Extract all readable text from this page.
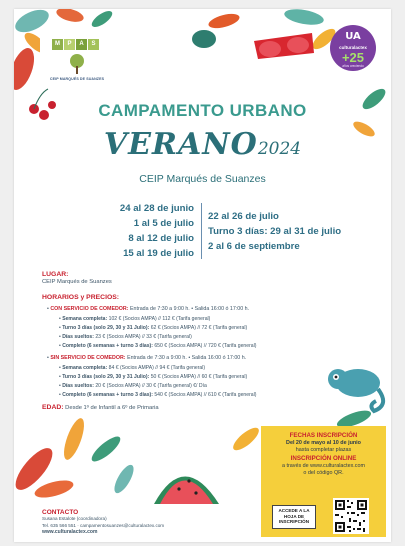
M	P	A	S
CEIP MARQUÉS DE SUANZES
UA
culturalactex
+25
años creciendo
CAMPAMENTO URBANO
VERANO2024
CEIP Marqués de Suanzes
24 al 28 de junio
1 al 5 de julio
8 al 12 de julio
15 al 19 de julio
22 al 26 de julio
Turno 3 días: 29 al 31 de julio
2 al 6 de septiembre
LUGAR:
CEIP Marqués de Suanzes
HORARIOS y PRECIOS:
• CON SERVICIO DE COMEDOR: Entrada de 7:30 a 9:00 h. • Salida 16:00 ó 17:00 h.
• Semana completa: 102 € (Socios AMPA) // 112 € (Tarifa general)
• Turno 3 días (solo 29, 30 y 31 Julio): 62 € (Socios AMPA) // 72 € (Tarifa general)
• Días sueltos: 23 € (Socios AMPA) // 33 € (Tarifa general)
• Completo (6 semanas + turno 3 días): 650 € (Socios AMPA) // 720 € (Tarifa general)
• SIN SERVICIO DE COMEDOR: Entrada de 7:30 a 9:00 h. • Salida 16:00 ó 17:00 h.
• Semana completa: 84 € (Socios AMPA) // 94 € (Tarifa general)
• Turno 3 días (solo 29, 30 y 31 Julio): 50 € (Socios AMPA) // 60 € (Tarifa general)
• Días sueltos: 20 € (Socios AMPA) // 30 € (Tarifa general) €/ Día
• Completo (6 semanas + turno 3 días): 540 € (Socios AMPA) // 610 € (Tarifa general)
EDAD: Desde 1º de Infantil a 6º de Primaria
CONTACTO
Susana Estalote (coordinadora)
Tel. 635 566 551 · campamentosuanzes@culturalactex.com
www.culturalactex.com
FECHAS INSCRIPCIÓN
Del 20 de mayo al 10 de junio
hasta completar plazas
INSCRIPCIÓN ONLINE
a través de www.culturalactex.com
o del código QR.
ACCEDE A LA HOJA DE INSCRIPCIÓN
